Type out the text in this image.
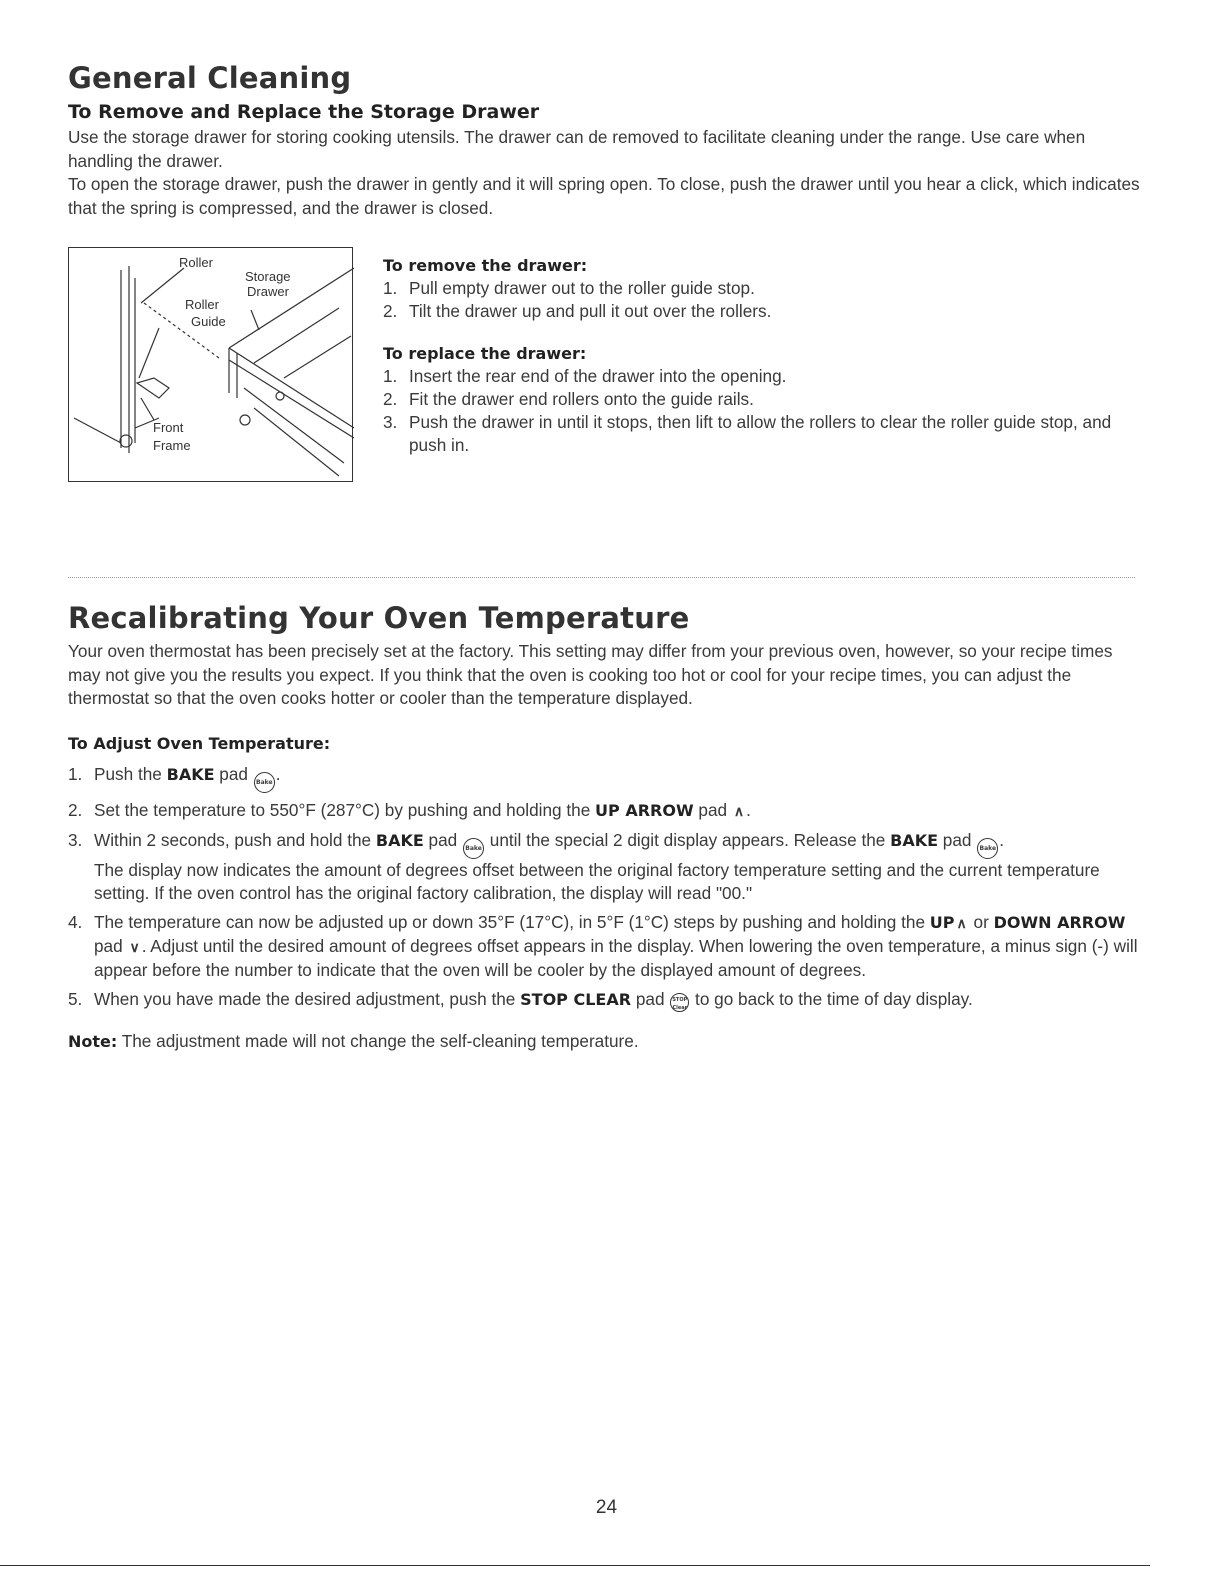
General Cleaning
To Remove and Replace the Storage Drawer

Use the storage drawer for storing cooking utensils. The drawer can de removed to facilitate cleaning under the range. Use care when handling the drawer.

To open the storage drawer, push the drawer in gently and it will spring open. To close, push the drawer until you hear a click, which indicates that the spring is compressed, and the drawer is closed.

Roller
Storage
Drawer
Roller
Guide
Front
Frame
To remove the drawer:
1. Pull empty drawer out to the roller guide stop.
2. Tilt the drawer up and pull it out over the rollers.
To replace the drawer:
1. Insert the rear end of the drawer into the opening.
2. Fit the drawer end rollers onto the guide rails.
3. Push the drawer in until it stops, then lift to allow the rollers to clear the roller guide stop, and push in.
Recalibrating Your Oven Temperature

Your oven thermostat has been precisely set at the factory. This setting may differ from your previous oven, however, so your recipe times may not give you the results you expect. If you think that the oven is cooking too hot or cool for your recipe times, you can adjust the thermostat so that the oven cooks hotter or cooler than the temperature displayed.

To Adjust Oven Temperature:
1. Push the BAKE pad Bake .
2. Set the temperature to 550°F (287°C) by pushing and holding the UP ARROW pad ∧ .
3. Within 2 seconds, push and hold the BAKE pad Bake until the special 2 digit display appears. Release the BAKE pad Bake .
The display now indicates the amount of degrees offset between the original factory temperature setting and the current temperature setting. If the oven control has the original factory calibration, the display will read "00."
4. The temperature can now be adjusted up or down 35°F (17°C), in 5°F (1°C) steps by pushing and holding the UP ∧ or DOWN ARROW pad ∨ . Adjust until the desired amount of degrees offset appears in the display. When lowering the oven temperature, a minus sign (-) will appear before the number to indicate that the oven will be cooler by the displayed amount of degrees.
5. When you have made the desired adjustment, push the STOP CLEAR pad STOP
Clear to go back to the time of day display.

Note: The adjustment made will not change the self-cleaning temperature.

24
